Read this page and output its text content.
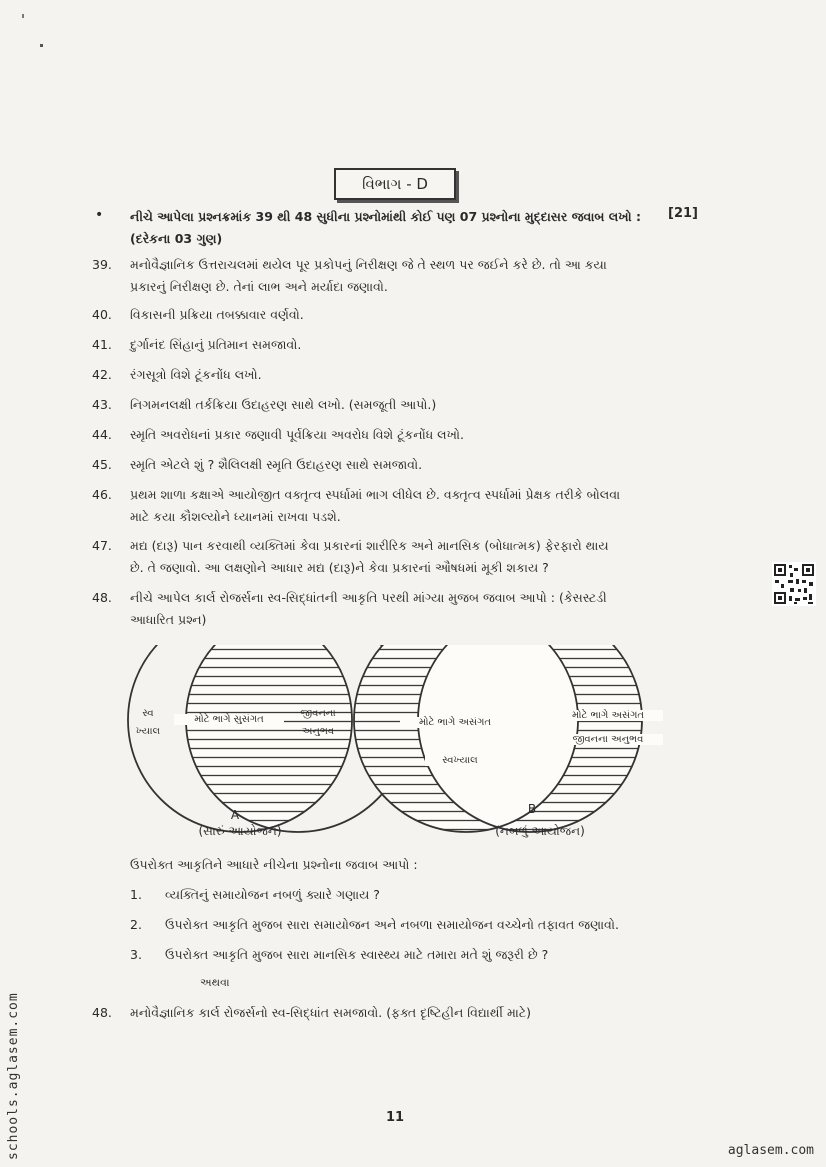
વિભાગ - D
• નીચે આપેલા પ્રશ્નક્રમાંક 39 થી 48 સુધીના પ્રશ્નોમાંથી કોઈ પણ 07 પ્રશ્નોના મુદ્દાસર જવાબ લખો :
(દરેકના 03 ગુણ)
[21]
39.	મનોવૈજ્ઞાનિક ઉત્તરાચલમાં થયેલ પૂર પ્રકોપનું નિરીક્ષણ જે તે સ્થળ પર જઈને કરે છે. તો આ કયા
પ્રકારનું નિરીક્ષણ છે. તેનાં લાભ અને મર્યાદા જણાવો.
40.	વિકાસની પ્રક્રિયા તબક્કાવાર વર્ણવો.
41.	દુર્ગાનંદ સિંહાનું પ્રતિમાન સમજાવો.
42.	રંગસૂત્રો વિશે ટૂંકનોંધ લખો.
43.	નિગમનલક્ષી તર્કક્રિયા ઉદાહરણ સાથે લખો. (સમજૂતી આપો.)
44.	સ્મૃતિ અવરોધનાં પ્રકાર જણાવી પૂર્વક્રિયા અવરોધ વિશે ટૂંકનોંધ લખો.
45.	સ્મૃતિ એટલે શું ? શૈલિલક્ષી સ્મૃતિ ઉદાહરણ સાથે સમજાવો.
46.	પ્રથમ શાળા કક્ષાએ આયોજીત વક્તૃત્વ સ્પર્ધામાં ભાગ લીધેલ છે. વક્તૃત્વ સ્પર્ધામાં પ્રેક્ષક તરીકે બોલવા
માટે કયા કૌશલ્યોને ધ્યાનમાં રાખવા પડશે.
47.	મદ્ય (દારૂ) પાન કરવાથી વ્યક્તિમાં કેવા પ્રકારનાં શારીરિક અને માનસિક (બોધાત્મક) ફેરફારો થાય
છે. તે જણાવો. આ લક્ષણોને આધાર મદ્ય (દારૂ)ને કેવા પ્રકારનાં ઔષધમાં મૂકી શકાય ?
48.	નીચે આપેલ કાર્લ રોજર્સના સ્વ-સિદ્ધાંતની આકૃતિ પરથી માંગ્યા મુજબ જવાબ આપો : (કેસસ્ટડી
આધારિત પ્રશ્ન)
સ્વ
ખ્યાલ
મોટે ભાગે સુસંગત
જીવનના
અનુભવ
A
(સારું આયોજન)
મોટે ભાગે અસંગત
સ્વખ્યાલ
મોટે ભાગે અસંગત
જીવનના અનુભવ
B
(નબળું આયોજન)
ઉપરોક્ત આકૃતિને આધારે નીચેના પ્રશ્નોના જવાબ આપો :
1.	વ્યક્તિનું સમાયોજન નબળું ક્યારે ગણાય ?
2.	ઉપરોક્ત આકૃતિ મુજબ સારા સમાયોજન અને નબળા સમાયોજન વચ્ચેનો તફાવત જણાવો.
3.	ઉપરોક્ત આકૃતિ મુજબ સારા માનસિક સ્વાસ્થ્ય માટે તમારા મતે શું જરૂરી છે ?
અથવા
48.	મનોવૈજ્ઞાનિક કાર્લ રોજર્સનો સ્વ-સિદ્ધાંત સમજાવો. (ફક્ત દૃષ્ટિહીન વિદ્યાર્થી માટે)
11
schools.aglasem.com	aglasem.com
